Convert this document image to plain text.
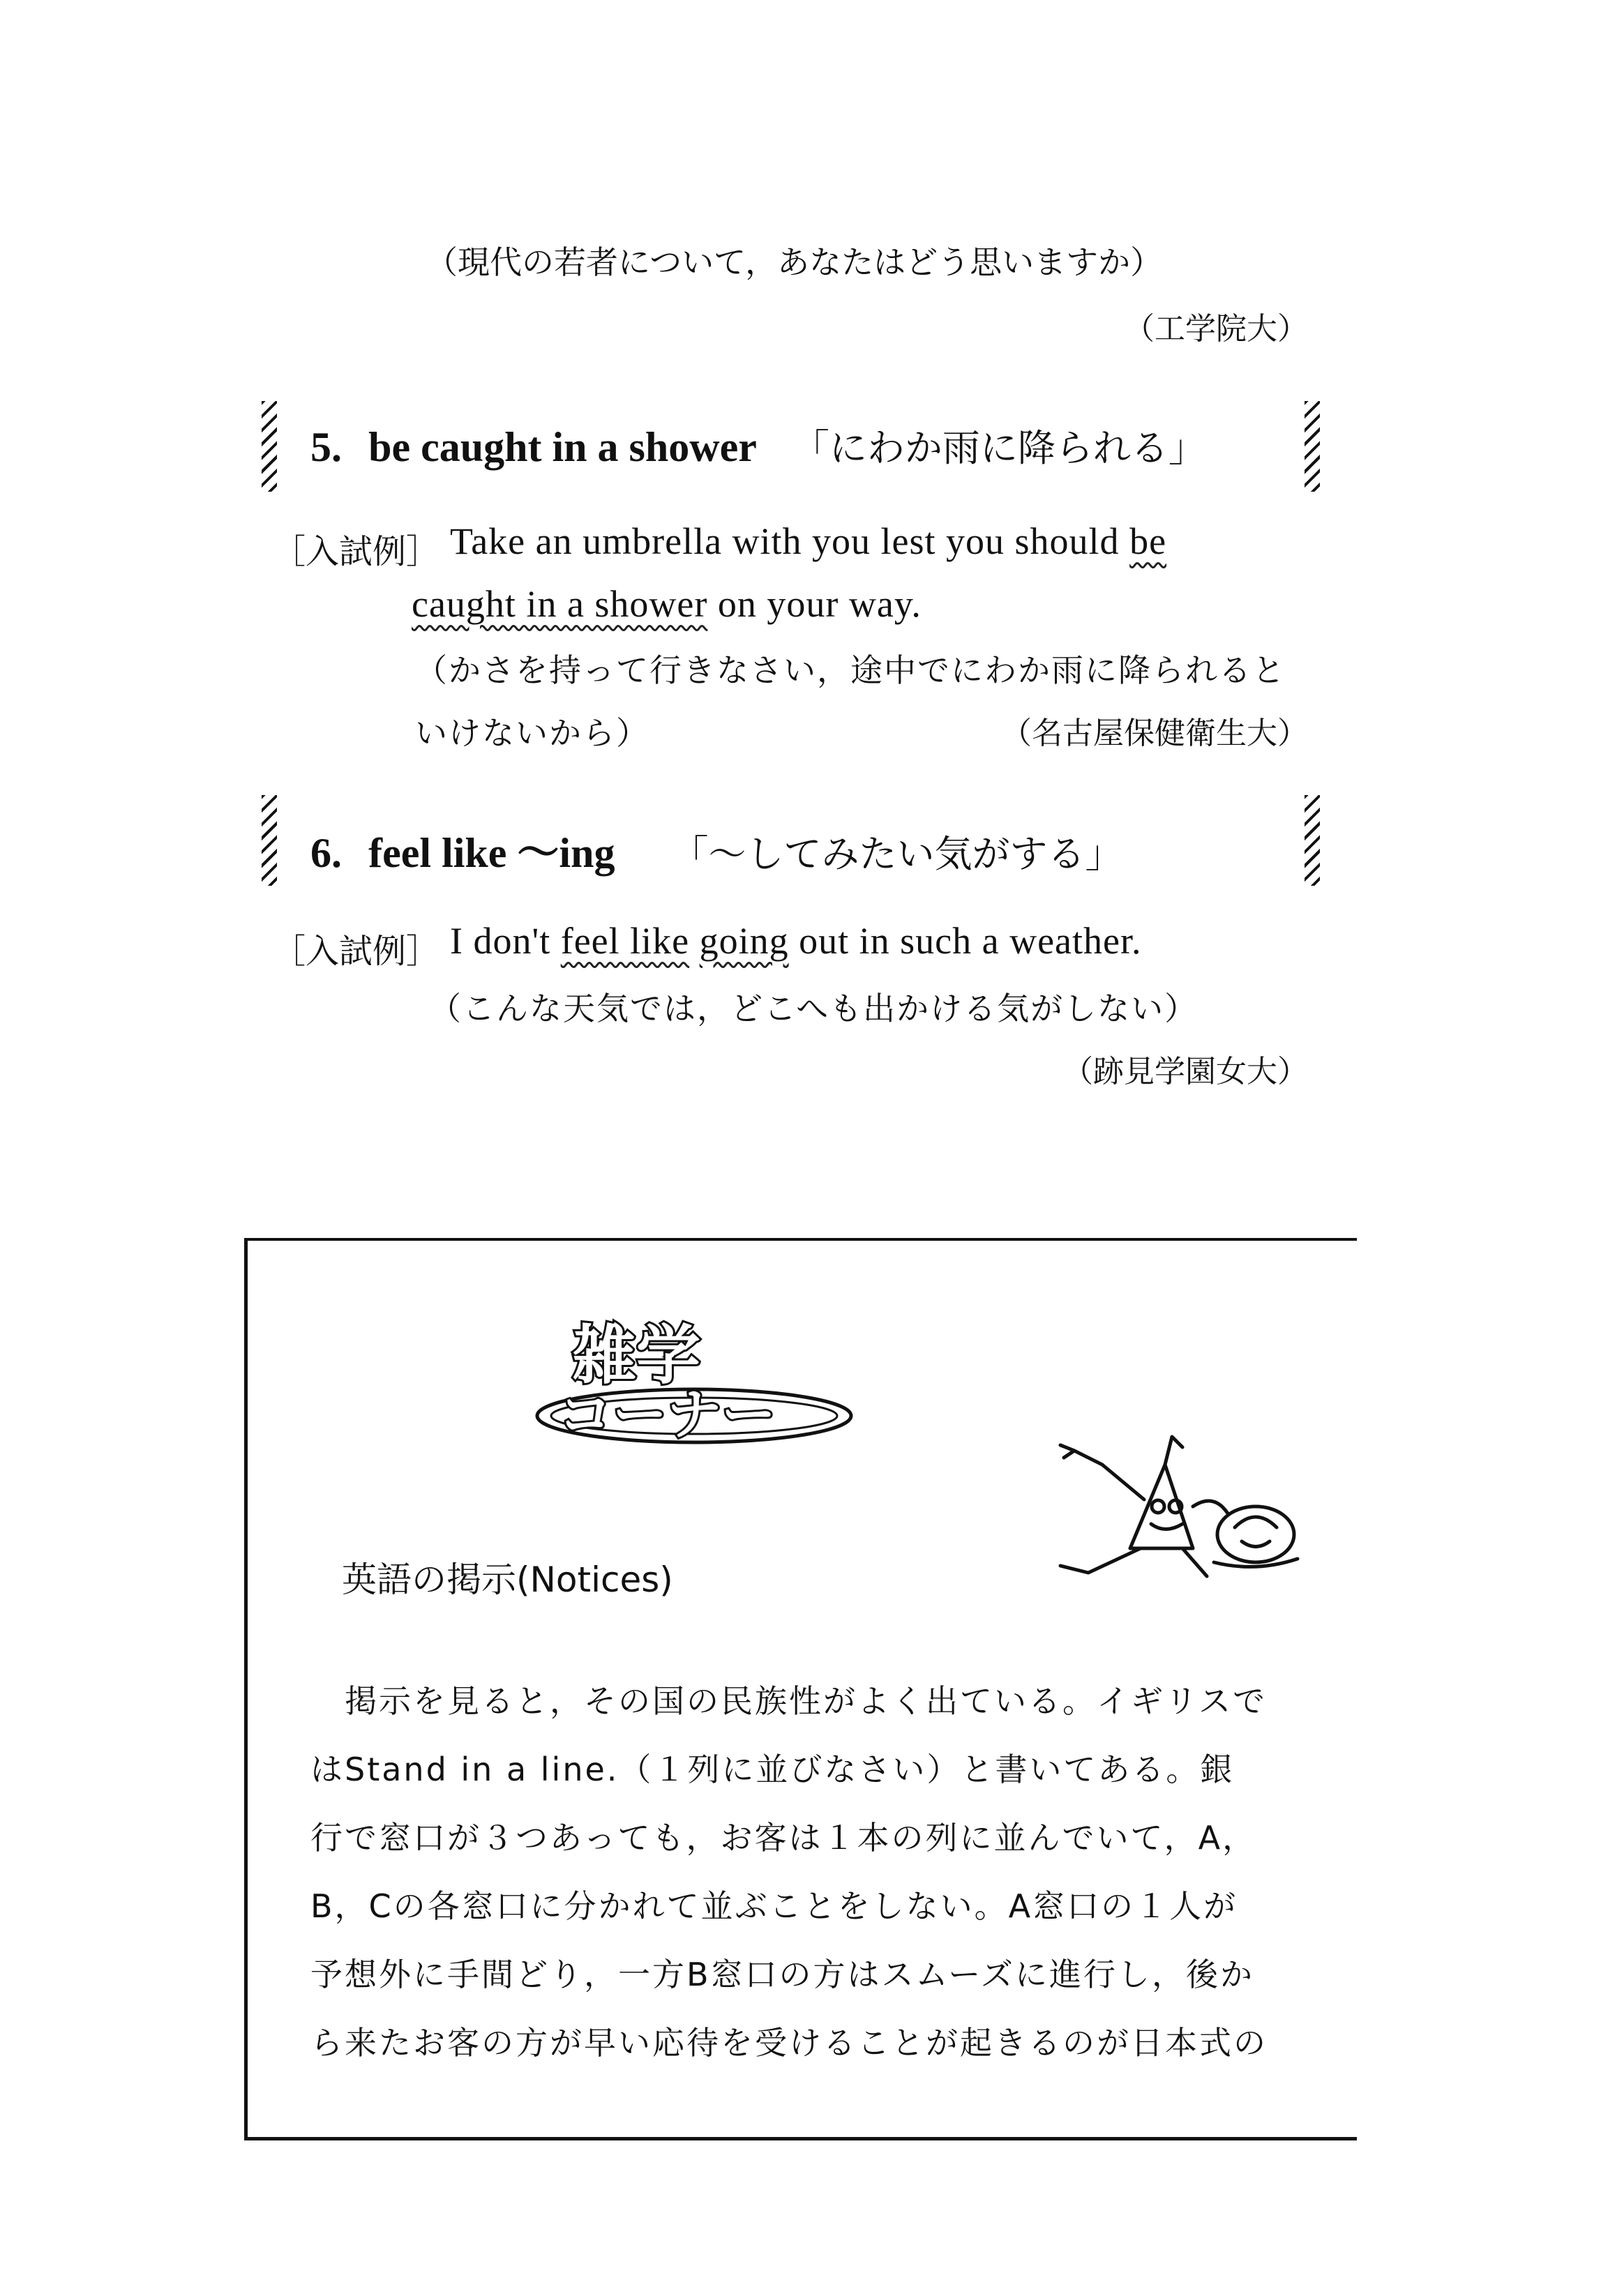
（現代の若者について，あなたはどう思いますか）
（工学院大）
5. be caught in a shower 「にわか雨に降られる」
［入試例］ Take an umbrella with you lest you should be
caught in a shower on your way.
（かさを持って行きなさい，途中でにわか雨に降られると
いけないから）	（名古屋保健衛生大）
6. feel like ～ing 「～してみたい気がする」
［入試例］ I don't feel like going out in such a weather.
（こんな天気では，どこへも出かける気がしない）
（跡見学園女大）
雑学
コーナー
英語の掲示(Notices)
　掲示を見ると，その国の民族性がよく出ている。イギリスで
はStand in a line.（１列に並びなさい）と書いてある。銀
行で窓口が３つあっても，お客は１本の列に並んでいて，A，
B，Cの各窓口に分かれて並ぶことをしない。A窓口の１人が
予想外に手間どり，一方B窓口の方はスムーズに進行し，後か
ら来たお客の方が早い応待を受けることが起きるのが日本式の
